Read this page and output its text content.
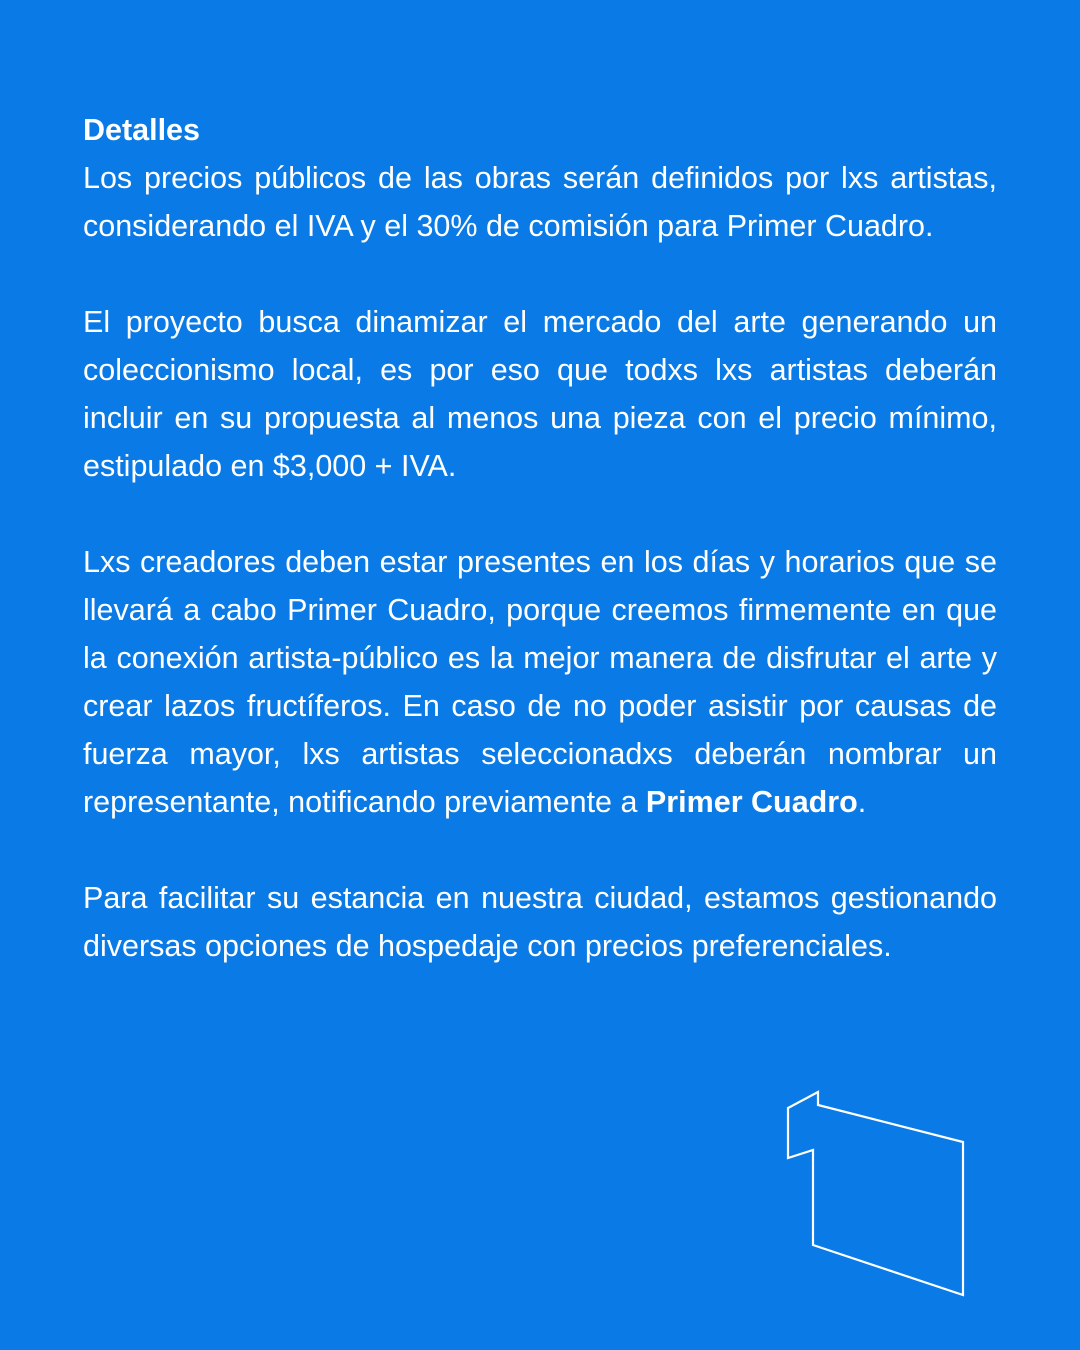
Detalles

Los precios públicos de las obras serán definidos por lxs artistas, considerando el IVA y el 30% de comisión para Primer Cuadro.

El proyecto busca dinamizar el mercado del arte generando un coleccionismo local, es por eso que todxs lxs artistas deberán incluir en su propuesta al menos una pieza con el precio mínimo, estipulado en $3,000 + IVA.

Lxs creadores deben estar presentes en los días y horarios que se llevará a cabo Primer Cuadro, porque creemos firmemente en que la conexión artista-público es la mejor manera de disfrutar el arte y crear lazos fructíferos. En caso de no poder asistir por causas de fuerza mayor, lxs artistas seleccionadxs deberán nombrar un representante, notificando previamente a Primer Cuadro.

Para facilitar su estancia en nuestra ciudad, estamos gestionando diversas opciones de hospedaje con precios preferenciales.
